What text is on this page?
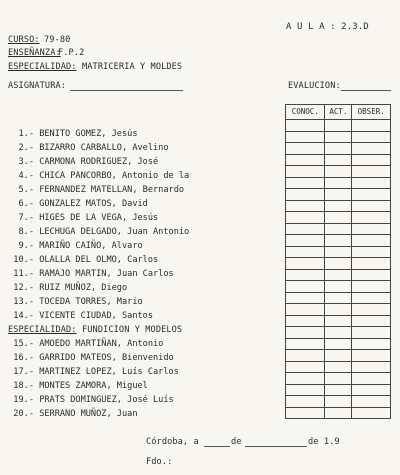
A U L A : 2.3.D
CURSO: 79-80
ENSEÑANZA:
F.P.2
ESPECIALIDAD: MATRICERIA Y MOLDES
ASIGNATURA:	EVALUCION:
CONOC.	ACT.	OBSER.

1.- BENITO GOMEZ, Jesús
2.- BIZARRO CARBALLO, Avelino
3.- CARMONA RODRIGUEZ, José
4.- CHICA PANCORBO, Antonio de la
5.- FERNANDEZ MATELLAN, Bernardo
6.- GONZALEZ MATOS, David
7.- HIGES DE LA VEGA, Jesús
8.- LECHUGA DELGADO, Juan Antonio
9.- MARIÑO CAIÑO, Alvaro
10.- OLALLA DEL OLMO, Carlos
11.- RAMAJO MARTIN, Juan Carlos
12.- RUIZ MUÑOZ, Diego
13.- TOCEDA TORRES, Mario
14.- VICENTE CIUDAD, Santos
ESPECIALIDAD: FUNDICION Y MODELOS
15.- AMOEDO MARTIÑAN, Antonio
16.- GARRIDO MATEOS, Bienvenido
17.- MARTINEZ LOPEZ, Luís Carlos
18.- MONTES ZAMORA, Miguel
19.- PRATS DOMINGUEZ, José Luís
20.- SERRANO MUÑOZ, Juan
Córdoba, a	de	de 1.9
Fdo.:
